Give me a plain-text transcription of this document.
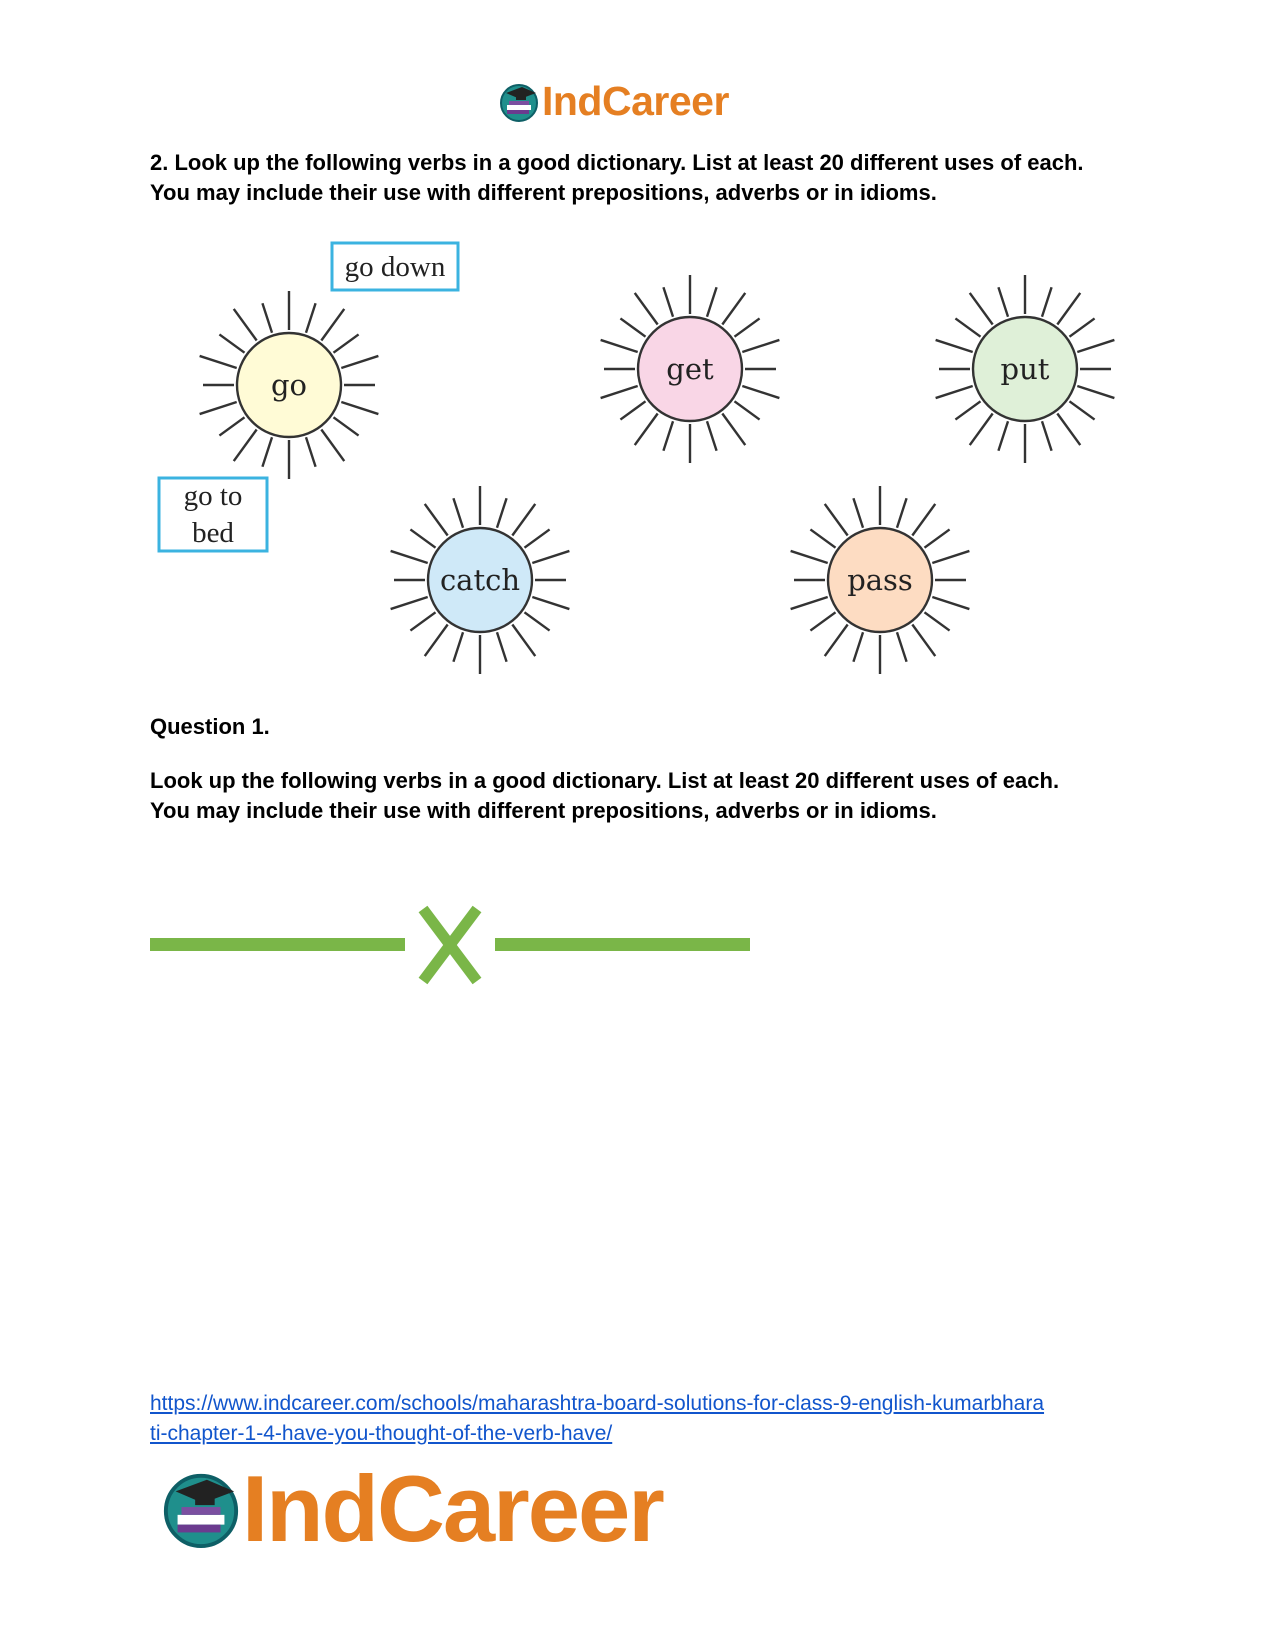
IndCareer
2. Look up the following verbs in a good dictionary. List at least 20 different uses of each.
You may include their use with different prepositions, adverbs or in idioms.
go	get	put
catch	pass
go down
go to
bed
Question 1.
Look up the following verbs in a good dictionary. List at least 20 different uses of each.
You may include their use with different prepositions, adverbs or in idioms.
https://www.indcareer.com/schools/maharashtra-board-solutions-for-class-9-english-kumarbhara
ti-chapter-1-4-have-you-thought-of-the-verb-have/
IndCareer
